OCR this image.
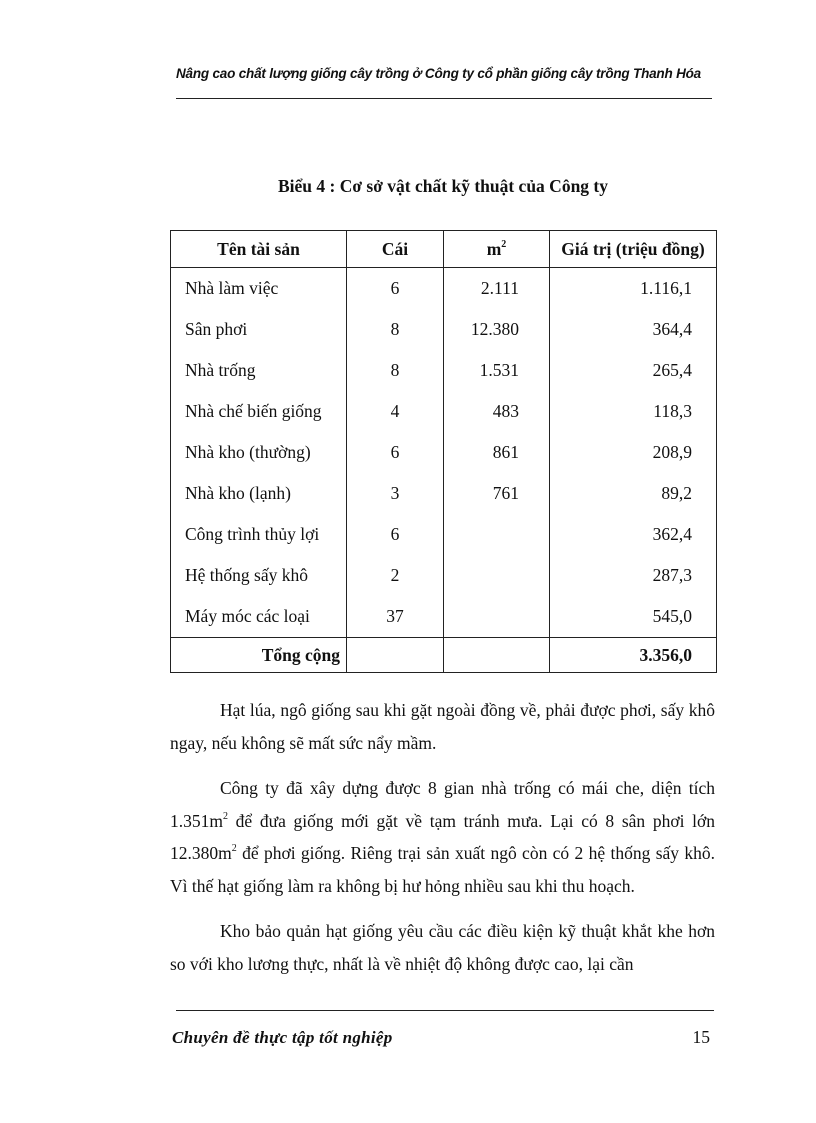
Nâng cao chất lượng giống cây trồng ở Công ty cổ phần giống cây trồng Thanh Hóa
Biểu 4 : Cơ sở vật chất kỹ thuật của Công ty
Tên tài sản	Cái	$m^2$	Giá trị (triệu đồng)
Nhà làm việc	6	2.111	1.116,1
Sân phơi	8	12.380	364,4
Nhà trống	8	1.531	265,4
Nhà chế biến giống	4	483	118,3
Nhà kho (thường)	6	861	208,9
Nhà kho (lạnh)	3	761	89,2
Công trình thủy lợi	6		362,4
Hệ thống sấy khô	2		287,3
Máy móc các loại	37		545,0
Tổng cộng			3.356,0

Hạt lúa, ngô giống sau khi gặt ngoài đồng về, phải được phơi, sấy khô ngay, nếu không sẽ mất sức nẩy mầm.

Công ty đã xây dựng được 8 gian nhà trống có mái che, diện tích $1.351m^2$ để đưa giống mới gặt về tạm tránh mưa. Lại có 8 sân phơi lớn $12.380m^2$ để phơi giống. Riêng trại sản xuất ngô còn có 2 hệ thống sấy khô. Vì thế hạt giống làm ra không bị hư hỏng nhiều sau khi thu hoạch.

Kho bảo quản hạt giống yêu cầu các điều kiện kỹ thuật khắt khe hơn so với kho lương thực, nhất là về nhiệt độ không được cao, lại cần

Chuyên đề thực tập tốt nghiệp	15
